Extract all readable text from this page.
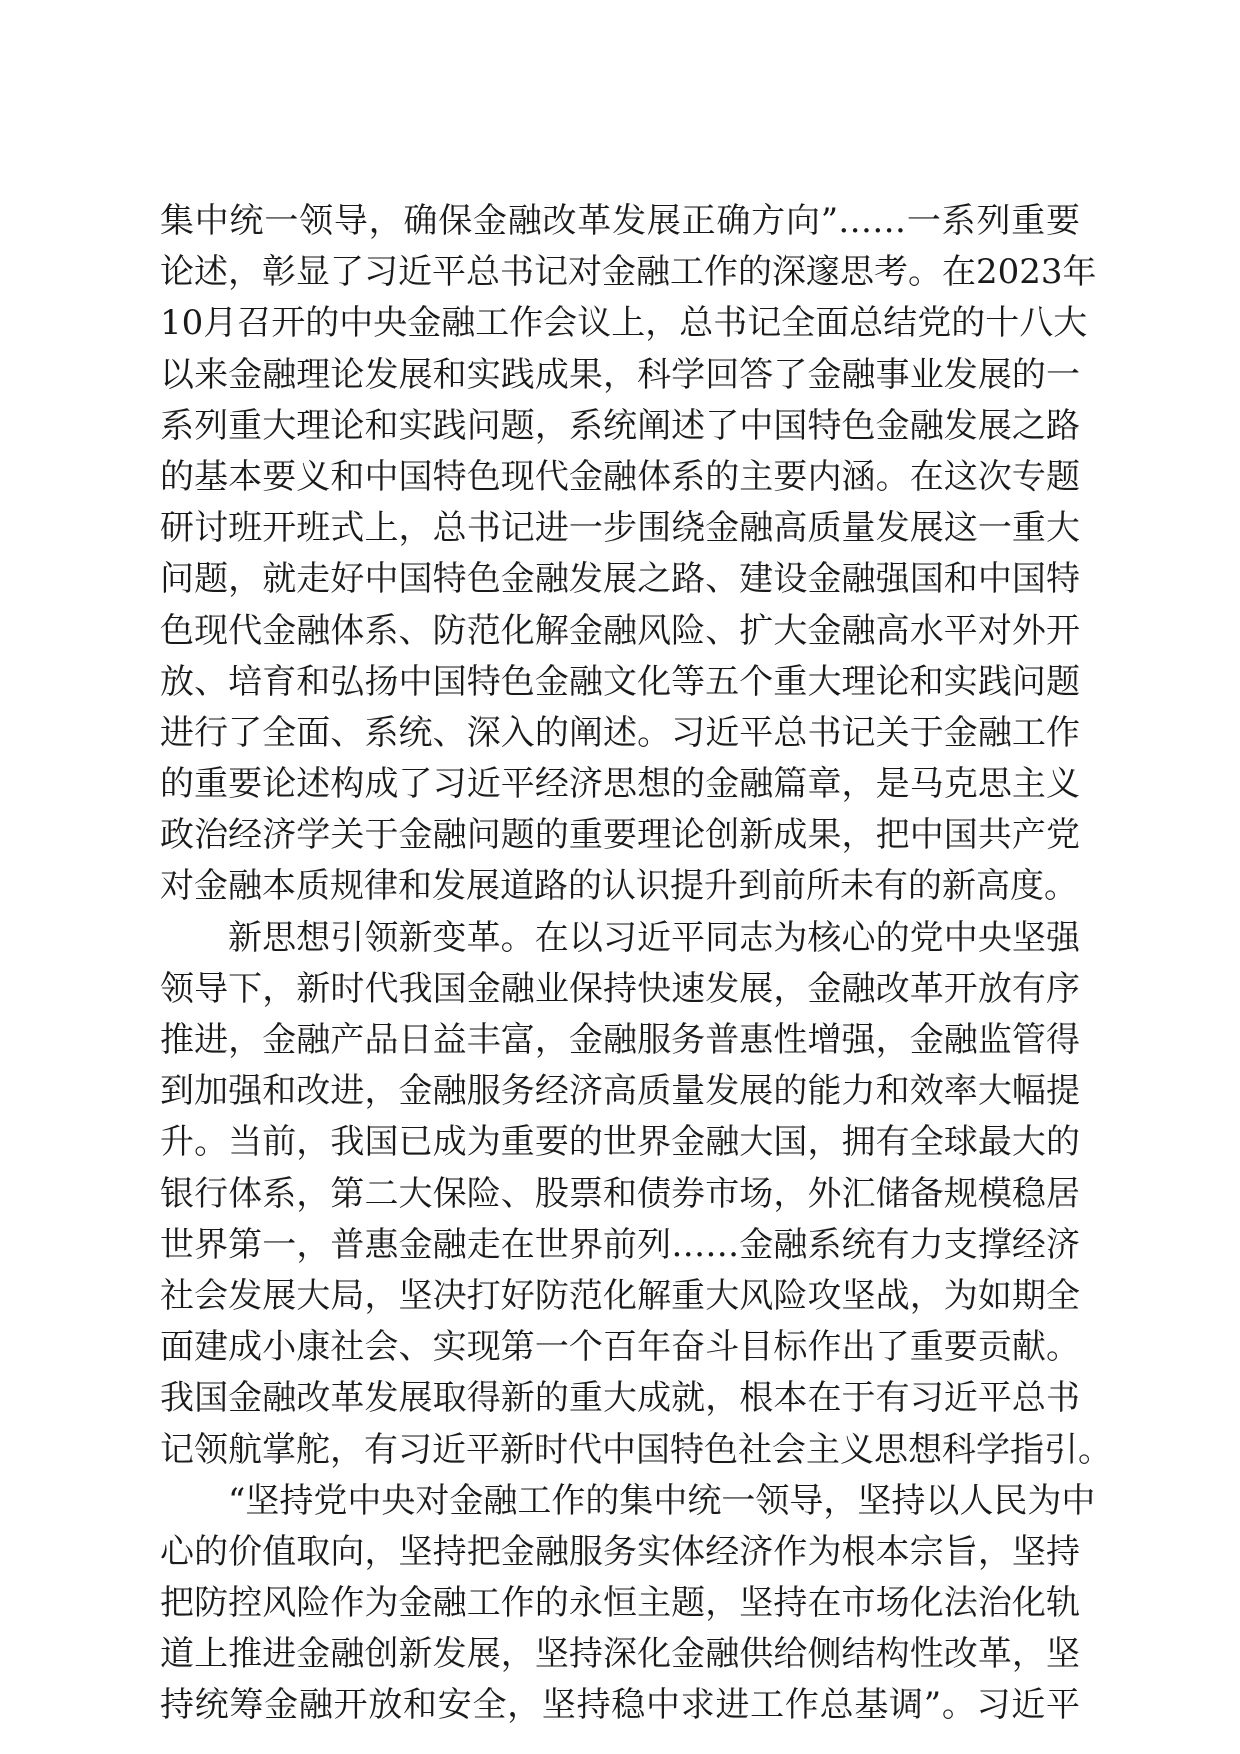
集中统一领导，确保金融改革发展正确方向”……一系列重要
论述，彰显了习近平总书记对金融工作的深邃思考。在2023年
10月召开的中央金融工作会议上，总书记全面总结党的十八大
以来金融理论发展和实践成果，科学回答了金融事业发展的一
系列重大理论和实践问题，系统阐述了中国特色金融发展之路
的基本要义和中国特色现代金融体系的主要内涵。在这次专题
研讨班开班式上，总书记进一步围绕金融高质量发展这一重大
问题，就走好中国特色金融发展之路、建设金融强国和中国特
色现代金融体系、防范化解金融风险、扩大金融高水平对外开
放、培育和弘扬中国特色金融文化等五个重大理论和实践问题
进行了全面、系统、深入的阐述。习近平总书记关于金融工作
的重要论述构成了习近平经济思想的金融篇章，是马克思主义
政治经济学关于金融问题的重要理论创新成果，把中国共产党
对金融本质规律和发展道路的认识提升到前所未有的新高度。
新思想引领新变革。在以习近平同志为核心的党中央坚强
领导下，新时代我国金融业保持快速发展，金融改革开放有序
推进，金融产品日益丰富，金融服务普惠性增强，金融监管得
到加强和改进，金融服务经济高质量发展的能力和效率大幅提
升。当前，我国已成为重要的世界金融大国，拥有全球最大的
银行体系，第二大保险、股票和债券市场，外汇储备规模稳居
世界第一，普惠金融走在世界前列……金融系统有力支撑经济
社会发展大局，坚决打好防范化解重大风险攻坚战，为如期全
面建成小康社会、实现第一个百年奋斗目标作出了重要贡献。
我国金融改革发展取得新的重大成就，根本在于有习近平总书
记领航掌舵，有习近平新时代中国特色社会主义思想科学指引。
“坚持党中央对金融工作的集中统一领导，坚持以人民为中
心的价值取向，坚持把金融服务实体经济作为根本宗旨，坚持
把防控风险作为金融工作的永恒主题，坚持在市场化法治化轨
道上推进金融创新发展，坚持深化金融供给侧结构性改革，坚
持统筹金融开放和安全，坚持稳中求进工作总基调”。习近平
